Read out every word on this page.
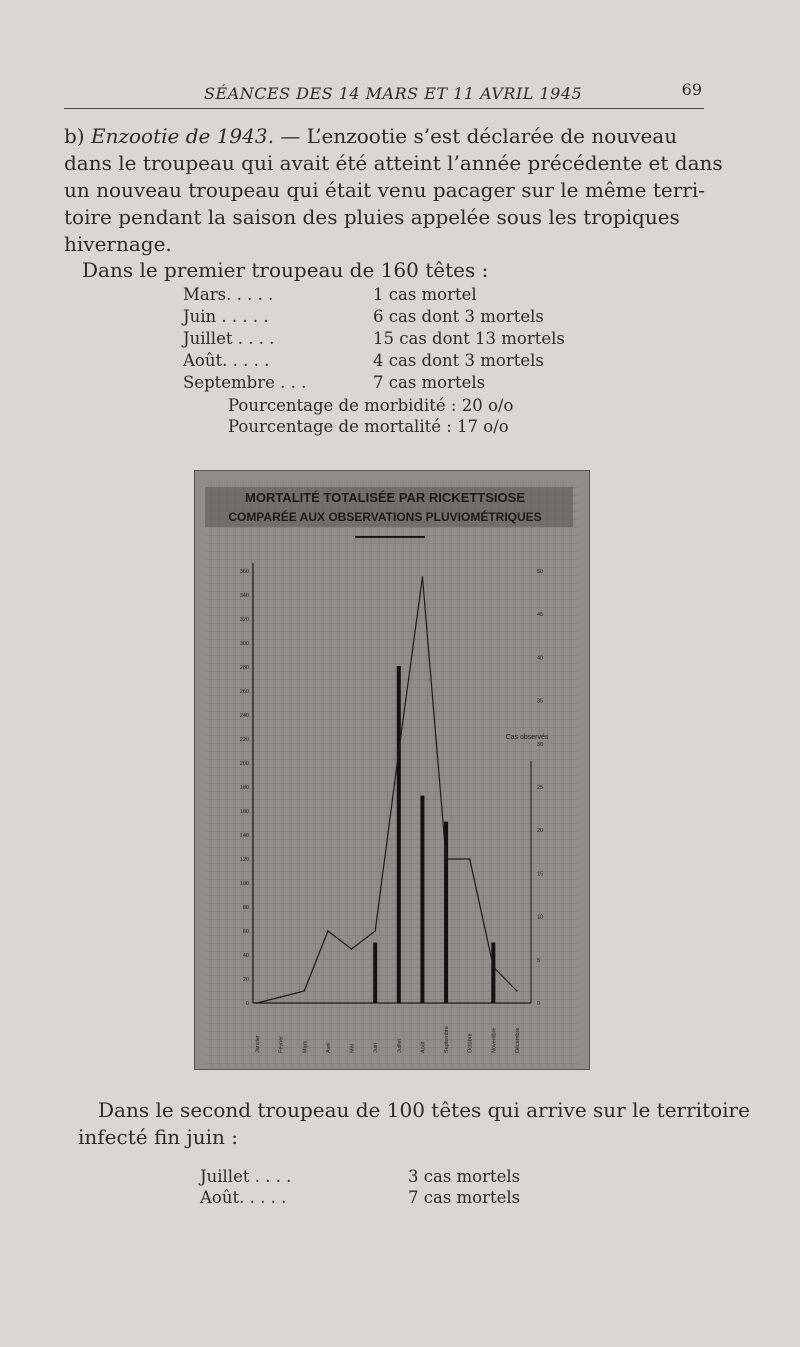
SÉANCES DES 14 MARS ET 11 AVRIL 1945	69
b) Enzootie de 1943. — L’enzootie s’est déclarée de nouveau
dans le troupeau qui avait été atteint l’année précédente et dans
un nouveau troupeau qui était venu pacager sur le même terri-
toire pendant la saison des pluies appelée sous les tropiques
hivernage.
Dans le premier troupeau de 160 têtes :
Mars. . . . .	1 cas mortel
Juin . . . . .	6 cas dont 3 mortels
Juillet . . . .	15 cas dont 13 mortels
Août. . . . .	4 cas dont 3 mortels
Septembre . . .	7 cas mortels
Pourcentage de morbidité : 20 o/o
Pourcentage de mortalité : 17 o/o
MORTALITÉ TOTALISÉE PAR RICKETTSIOSE
COMPARÉE AUX OBSERVATIONS PLUVIOMÉTRIQUES
0
20
40
60
80
100
120
140
160
180
200
220
240
260
280
300
320
340
360
0
5
10
15
20
25
30
35
40
45
50
Janvier	Février	Mars	Avril	Mai	Juin	Juillet	Août	Septembre	Octobre	Novembre	Décembre
Cas observés
Dans le second troupeau de 100 têtes qui arrive sur le territoire
infecté fin juin :
Juillet . . . .	3 cas mortels
Août. . . . .	7 cas mortels
